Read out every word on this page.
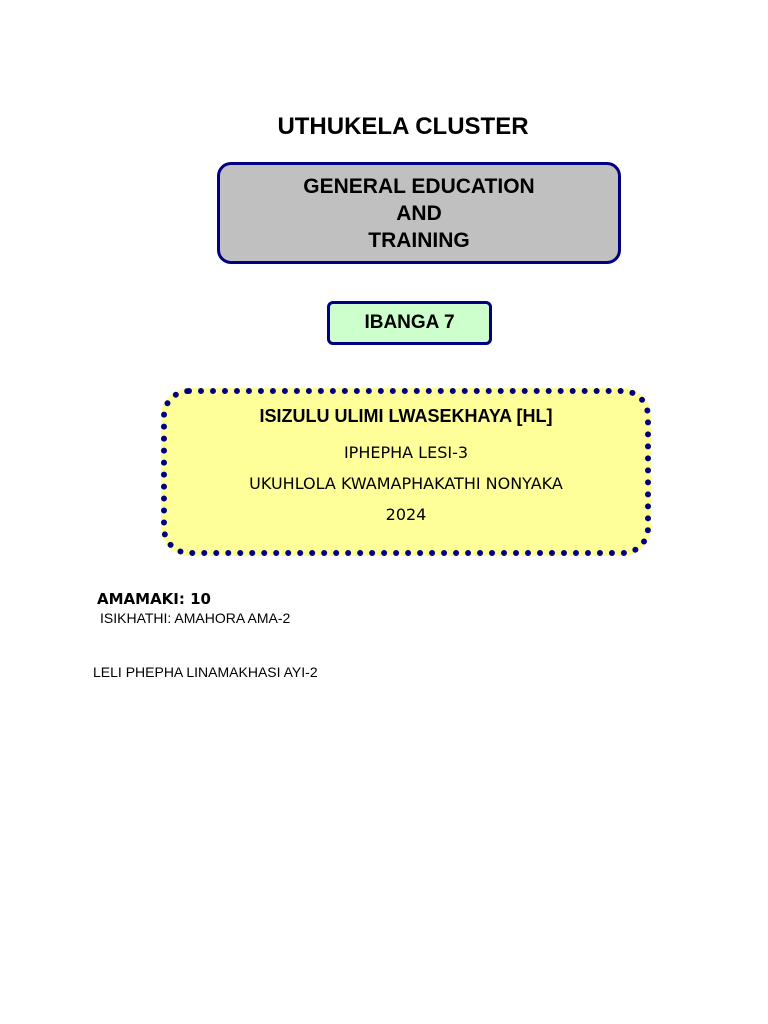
UTHUKELA CLUSTER
GENERAL EDUCATION
AND
TRAINING
IBANGA 7
ISIZULU ULIMI LWASEKHAYA [HL]
IPHEPHA LESI-3
UKUHLOLA KWAMAPHAKATHI NONYAKA
2024
AMAMAKI: 10
ISIKHATHI: AMAHORA AMA-2
LELI PHEPHA LINAMAKHASI AYI-2
